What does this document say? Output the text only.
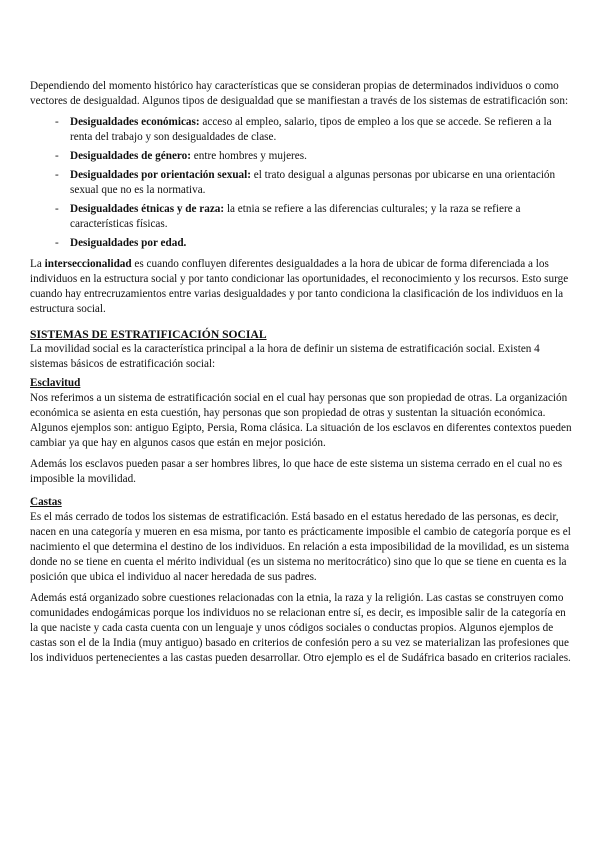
Dependiendo del momento histórico hay características que se consideran propias de determinados individuos o como vectores de desigualdad. Algunos tipos de desigualdad que se manifiestan a través de los sistemas de estratificación son:

- Desigualdades económicas: acceso al empleo, salario, tipos de empleo a los que se accede. Se refieren a la renta del trabajo y son desigualdades de clase.
- Desigualdades de género: entre hombres y mujeres.
- Desigualdades por orientación sexual: el trato desigual a algunas personas por ubicarse en una orientación sexual que no es la normativa.
- Desigualdades étnicas y de raza: la etnia se refiere a las diferencias culturales; y la raza se refiere a características físicas.
- Desigualdades por edad.

La interseccionalidad es cuando confluyen diferentes desigualdades a la hora de ubicar de forma diferenciada a los individuos en la estructura social y por tanto condicionar las oportunidades, el reconocimiento y los recursos. Esto surge cuando hay entrecruzamientos entre varias desigualdades y por tanto condiciona la clasificación de los individuos en la estructura social.

SISTEMAS DE ESTRATIFICACIÓN SOCIAL

La movilidad social es la característica principal a la hora de definir un sistema de estratificación social. Existen 4 sistemas básicos de estratificación social:

Esclavitud

Nos referimos a un sistema de estratificación social en el cual hay personas que son propiedad de otras. La organización económica se asienta en esta cuestión, hay personas que son propiedad de otras y sustentan la situación económica. Algunos ejemplos son: antiguo Egipto, Persia, Roma clásica. La situación de los esclavos en diferentes contextos pueden cambiar ya que hay en algunos casos que están en mejor posición.

Además los esclavos pueden pasar a ser hombres libres, lo que hace de este sistema un sistema cerrado en el cual no es imposible la movilidad.

Castas

Es el más cerrado de todos los sistemas de estratificación. Está basado en el estatus heredado de las personas, es decir, nacen en una categoría y mueren en esa misma, por tanto es prácticamente imposible el cambio de categoría porque es el nacimiento el que determina el destino de los individuos. En relación a esta imposibilidad de la movilidad, es un sistema donde no se tiene en cuenta el mérito individual (es un sistema no meritocrático) sino que lo que se tiene en cuenta es la posición que ubica el individuo al nacer heredada de sus padres.

Además está organizado sobre cuestiones relacionadas con la etnia, la raza y la religión. Las castas se construyen como comunidades endogámicas porque los individuos no se relacionan entre sí, es decir, es imposible salir de la categoría en la que naciste y cada casta cuenta con un lenguaje y unos códigos sociales o conductas propios. Algunos ejemplos de castas son el de la India (muy antiguo) basado en criterios de confesión pero a su vez se materializan las profesiones que los individuos pertenecientes a las castas pueden desarrollar. Otro ejemplo es el de Sudáfrica basado en criterios raciales.
